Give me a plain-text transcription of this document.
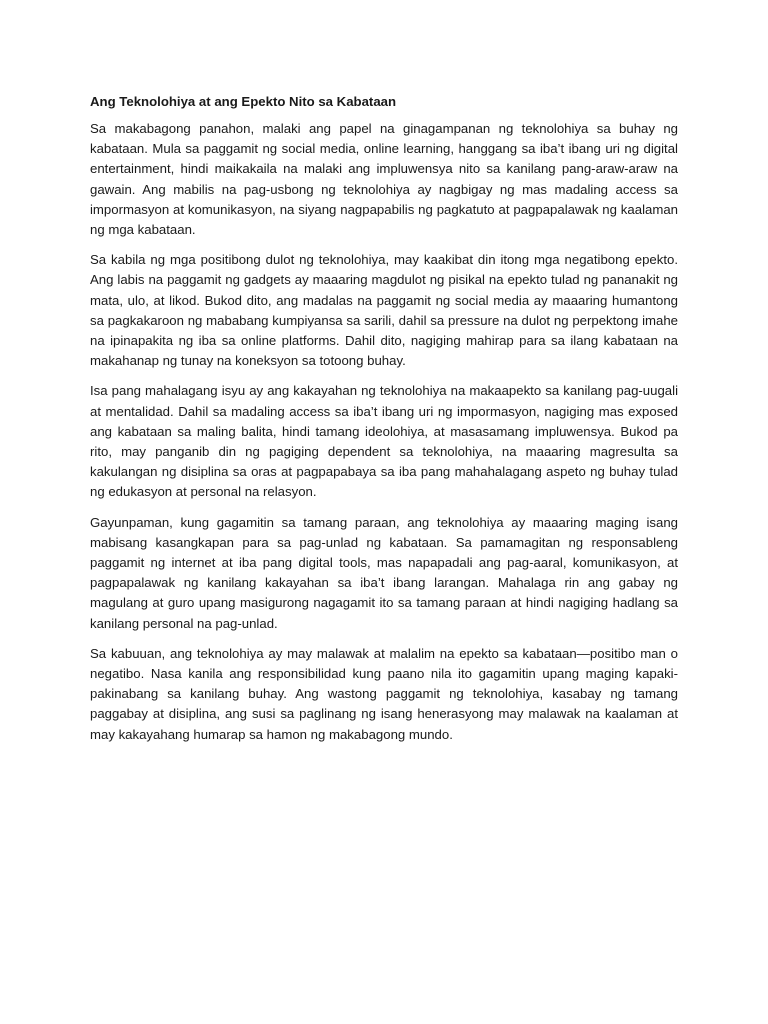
Ang Teknolohiya at ang Epekto Nito sa Kabataan

Sa makabagong panahon, malaki ang papel na ginagampanan ng teknolohiya sa buhay ng kabataan. Mula sa paggamit ng social media, online learning, hanggang sa iba’t ibang uri ng digital entertainment, hindi maikakaila na malaki ang impluwensya nito sa kanilang pang-araw-araw na gawain. Ang mabilis na pag-usbong ng teknolohiya ay nagbigay ng mas madaling access sa impormasyon at komunikasyon, na siyang nagpapabilis ng pagkatuto at pagpapalawak ng kaalaman ng mga kabataan.

Sa kabila ng mga positibong dulot ng teknolohiya, may kaakibat din itong mga negatibong epekto. Ang labis na paggamit ng gadgets ay maaaring magdulot ng pisikal na epekto tulad ng pananakit ng mata, ulo, at likod. Bukod dito, ang madalas na paggamit ng social media ay maaaring humantong sa pagkakaroon ng mababang kumpiyansa sa sarili, dahil sa pressure na dulot ng perpektong imahe na ipinapakita ng iba sa online platforms. Dahil dito, nagiging mahirap para sa ilang kabataan na makahanap ng tunay na koneksyon sa totoong buhay.

Isa pang mahalagang isyu ay ang kakayahan ng teknolohiya na makaapekto sa kanilang pag-uugali at mentalidad. Dahil sa madaling access sa iba’t ibang uri ng impormasyon, nagiging mas exposed ang kabataan sa maling balita, hindi tamang ideolohiya, at masasamang impluwensya. Bukod pa rito, may panganib din ng pagiging dependent sa teknolohiya, na maaaring magresulta sa kakulangan ng disiplina sa oras at pagpapabaya sa iba pang mahahalagang aspeto ng buhay tulad ng edukasyon at personal na relasyon.

Gayunpaman, kung gagamitin sa tamang paraan, ang teknolohiya ay maaaring maging isang mabisang kasangkapan para sa pag-unlad ng kabataan. Sa pamamagitan ng responsableng paggamit ng internet at iba pang digital tools, mas napapadali ang pag-aaral, komunikasyon, at pagpapalawak ng kanilang kakayahan sa iba’t ibang larangan. Mahalaga rin ang gabay ng magulang at guro upang masigurong nagagamit ito sa tamang paraan at hindi nagiging hadlang sa kanilang personal na pag-unlad.

Sa kabuuan, ang teknolohiya ay may malawak at malalim na epekto sa kabataan—positibo man o negatibo. Nasa kanila ang responsibilidad kung paano nila ito gagamitin upang maging kapaki-pakinabang sa kanilang buhay. Ang wastong paggamit ng teknolohiya, kasabay ng tamang paggabay at disiplina, ang susi sa paglinang ng isang henerasyong may malawak na kaalaman at may kakayahang humarap sa hamon ng makabagong mundo.
